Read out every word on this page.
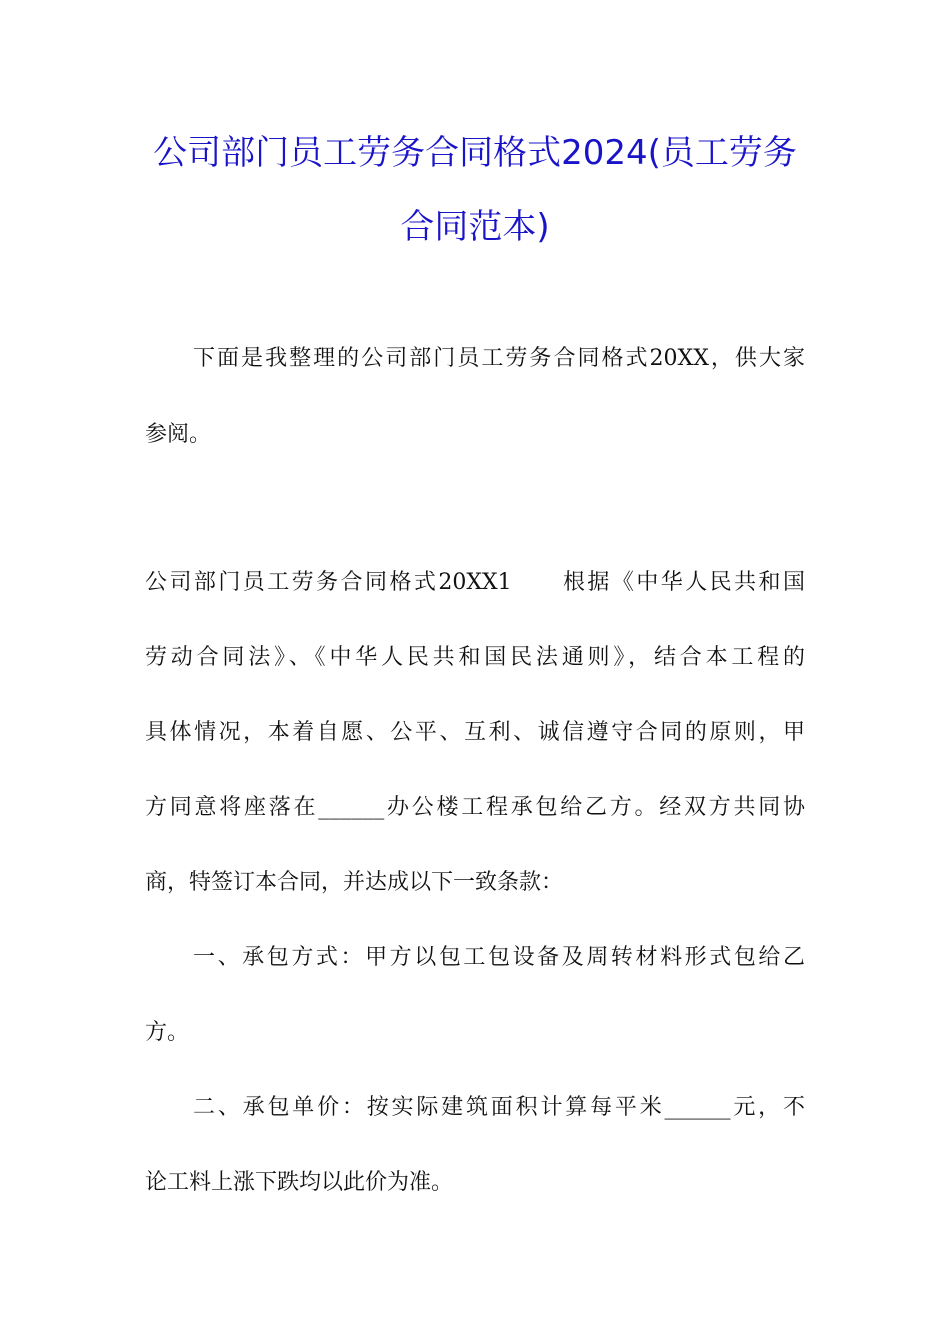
公司部门员工劳务合同格式2024(员工劳务
合同范本)
下面是我整理的公司部门员工劳务合同格式20XX，供大家
参阅。
公司部门员工劳务合同格式20XX1　　根据《中华人民共和国
劳动合同法》、《中华人民共和国民法通则》，结合本工程的
具体情况，本着自愿、公平、互利、诚信遵守合同的原则，甲
方同意将座落在______办公楼工程承包给乙方。经双方共同协
商，特签订本合同，并达成以下一致条款：
一、承包方式：甲方以包工包设备及周转材料形式包给乙
方。
二、承包单价：按实际建筑面积计算每平米______元，不
论工料上涨下跌均以此价为准。
